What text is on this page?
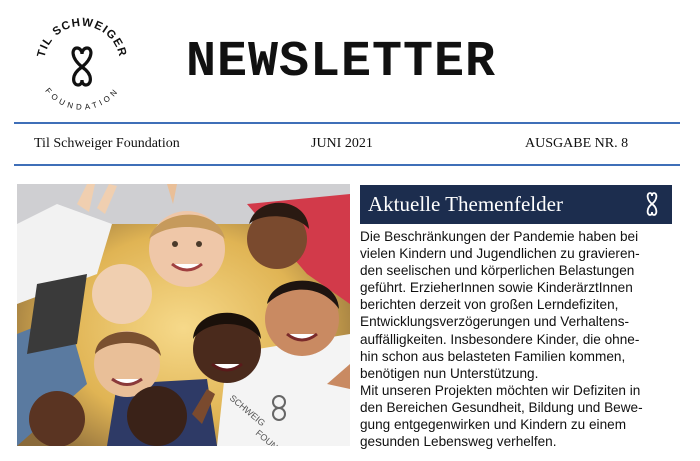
TIL SCHWEIGER
FOUNDATION
NEWSLETTER
Til Schweiger Foundation	JUNI 2021	AUSGABE NR. 8
SCHWEIG
Aktuelle Themenfelder

Die Beschränkungen der Pandemie haben bei

vielen Kindern und Jugendlichen zu gravieren-

den seelischen und körperlichen Belastungen

geführt. ErzieherInnen sowie KinderärztInnen

berichten derzeit von großen Lerndefiziten,

Entwicklungsverzögerungen und Verhaltens-

auffälligkeiten. Insbesondere Kinder, die ohne-

hin schon aus belasteten Familien kommen,

benötigen nun Unterstützung.

Mit unseren Projekten möchten wir Defiziten in

den Bereichen Gesundheit, Bildung und Bewe-

gung entgegenwirken und Kindern zu einem

gesunden Lebensweg verhelfen.
